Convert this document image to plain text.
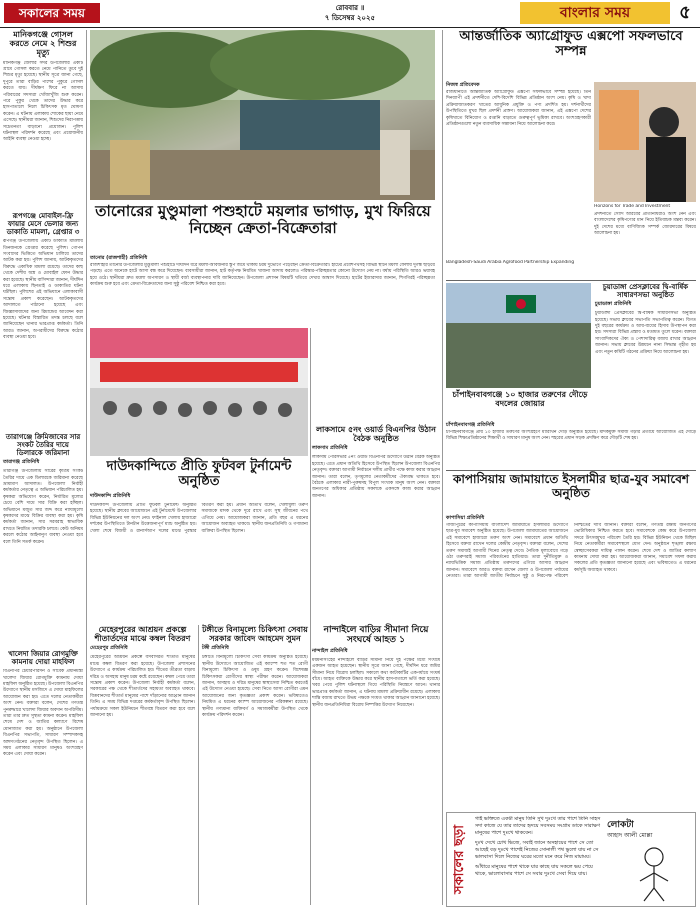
সকালের সময়	রোববার ॥
৭ ডিসেম্বর ২০২৫	বাংলার সময়	৫
মানিকগঞ্জে গোসল করতে নেমে ২ শিশুর মৃত্যু
মানিকগঞ্জ জেলার সদর উপজেলার একটি গ্রামে গোসল করতে নেমে পানিতে ডুবে দুই শিশুর মৃত্যু হয়েছে। স্থানীয় সূত্রে জানা গেছে, দুপুরে তারা বাড়ির পাশের পুকুরে গোসল করতে যায়। দীর্ঘক্ষণ ফিরে না আসায় পরিবারের সদস্যরা খোঁজাখুঁজি শুরু করেন। পরে পুকুর থেকে তাদের উদ্ধার করে হাসপাতালে নিলে চিকিৎসক মৃত ঘোষণা করেন। এ ঘটনায় এলাকায় শোকের ছায়া নেমে এসেছে। স্থানীয়রা জানান, শিশুদের নিরাপত্তায় সচেতনতা বাড়ানো প্রয়োজন। পুলিশ ঘটনাস্থল পরিদর্শন করেছে এবং প্রয়োজনীয় আইনি ব্যবস্থা নেওয়া হচ্ছে।
রূপগঞ্জে মোবাইল-ফ্রি ফায়ার মেসে ভেলার জন্য ডাকাতি মামলা, গ্রেপ্তার ৩
রূপগঞ্জ উপজেলায় একটি ডাকাতি মামলায় তিনজনকে গ্রেপ্তার করেছে পুলিশ। গোপন সংবাদের ভিত্তিতে অভিযান চালিয়ে তাদের আটক করা হয়। পুলিশ জানায়, আটককৃতদের বিরুদ্ধে একাধিক মামলা রয়েছে। তাদের কাছ থেকে দেশীয় অস্ত্র ও মোবাইল ফোন উদ্ধার করা হয়েছে। স্থানীয় বাসিন্দারা জানান, দীর্ঘদিন ধরে এলাকায় ছিনতাই ও ডাকাতির ঘটনা ঘটছিল। পুলিশের এই অভিযানে এলাকাবাসী সন্তোষ প্রকাশ করেছেন। আটককৃতদের আদালতে পাঠানো হয়েছে এবং জিজ্ঞাসাবাদের জন্য রিমান্ডের আবেদন করা হয়েছে। ঘটনার বিস্তারিত তদন্ত চলছে বলে জানিয়েছেন থানার ভারপ্রাপ্ত কর্মকর্তা। তিনি আরও জানান, অপরাধীদের বিরুদ্ধে কঠোর ব্যবস্থা নেওয়া হবে।
তারাগঞ্জে ক্রিমিজাবের সার সংকট তৈরির দায়ে ডিলারকে জরিমানা
তারাগঞ্জ প্রতিনিধি
তারাগঞ্জ উপজেলায় সারের কৃত্রিম সংকট তৈরির দায়ে এক ডিলারকে জরিমানা করেছে ভ্রাম্যমাণ আদালত। উপজেলা নির্বাহী কর্মকর্তার নেতৃত্বে এ অভিযান পরিচালিত হয়। কৃষকরা অভিযোগ করেন, নির্ধারিত মূল্যের চেয়ে বেশি দামে সার বিক্রি করা হচ্ছিল। অভিযানে মজুত সার জব্দ করে ন্যায্যমূল্যে কৃষকদের মাঝে বিক্রির ব্যবস্থা করা হয়। কৃষি কর্মকর্তা জানান, সার সরবরাহ স্বাভাবিক রাখতে নিয়মিত তদারকি চলবে। কেউ অনিয়ম করলে কঠোর আইনানুগ ব্যবস্থা নেওয়া হবে বলে তিনি সতর্ক করেন।
খালেদা জিয়ার রোগমুক্তি কামনায় দোয়া মাহফিল
বিএনপির চেয়ারপারসন ও সাবেক প্রধানমন্ত্রী খালেদা জিয়ার রোগমুক্তি কামনায় দোয়া মাহফিল অনুষ্ঠিত হয়েছে। উপজেলা বিএনপির উদ্যোগে স্থানীয় মসজিদে এ দোয়া মাহফিলের আয়োজন করা হয়। এতে দলের নেতাকর্মীরা অংশ নেন। বক্তারা বলেন, দেশের গণতন্ত্র পুনরুদ্ধারে খালেদা জিয়ার অবদান অপরিসীম। তারা তার দ্রুত সুস্থতা কামনা করেন। মাহফিল শেষে দেশ ও জাতির কল্যাণে বিশেষ মোনাজাত করা হয়। অনুষ্ঠানে উপজেলা বিএনপির সভাপতি, সাধারণ সম্পাদকসহ অঙ্গসংগঠনের নেতৃবৃন্দ উপস্থিত ছিলেন। এ সময় এলাকার সাধারণ মানুষও অংশগ্রহণ করেন এবং দোয়া করেন।
তানোরের মুণ্ডুমালা পশুহাটে ময়লার ভাগাড়, মুখ ফিরিয়ে নিচ্ছেন ক্রেতা-বিক্রেতারা
তানোর (রাজশাহী) প্রতিনিধি
রাজশাহীর তানোর উপজেলার মুণ্ডুমালা পশুহাটে দীর্ঘদিন ধরে ময়লা-আবর্জনার স্তূপ জমে থাকায় চরম দুর্ভোগে পড়েছেন ক্রেতা-বিক্রেতারা। হাটের প্রবেশপথসহ বিভিন্ন স্থানে ময়লা ফেলায় দুর্গন্ধ ছড়িয়ে পড়ছে। এতে অনেকে হাটে আসা বন্ধ করে দিয়েছেন। ব্যবসায়ীরা জানান, হাট কর্তৃপক্ষ নিয়মিত খাজনা আদায় করলেও পরিষ্কার-পরিচ্ছন্নতার কোনো উদ্যোগ নেয় না। বর্ষায় পরিস্থিতি আরও ভয়াবহ হয়ে ওঠে। স্থানীয়রা দ্রুত ময়লা অপসারণ ও স্থায়ী বর্জ্য ব্যবস্থাপনার দাবি জানিয়েছেন। উপজেলা প্রশাসন বিষয়টি খতিয়ে দেখার আশ্বাস দিয়েছে। হাটের ইজারাদার জানান, শিগগিরই পরিচ্ছন্নতা কার্যক্রম শুরু হবে এবং ক্রেতা-বিক্রেতাদের জন্য সুষ্ঠু পরিবেশ নিশ্চিত করা হবে।
লাকসামে ৫নং ওয়ার্ড বিএনপির উঠান বৈঠক অনুষ্ঠিত
লাকসাম প্রতিনিধি
লাকসাম পৌরসভার ৫নং ওয়ার্ড বিএনপির উদ্যোগে উঠান বৈঠক অনুষ্ঠিত হয়েছে। এতে প্রধান অতিথি হিসেবে উপস্থিত ছিলেন উপজেলা বিএনপির নেতৃবৃন্দ। বক্তারা আগামী নির্বাচনে দলীয় প্রার্থীর পক্ষে কাজ করার আহ্বান জানান। তারা বলেন, তৃণমূলের নেতাকর্মীদের ঐক্যবদ্ধ থাকতে হবে। বৈঠকে এলাকার নারী-পুরুষসহ বিপুল সংখ্যক মানুষ অংশ নেন। বক্তারা জনগণের অধিকার প্রতিষ্ঠায় সকলকে একসঙ্গে কাজ করার আহ্বান জানান।
দাউদকান্দিতে প্রীতি ফুটবল টুর্নামেন্ট অনুষ্ঠিত
দাউদকান্দি প্রতিনিধি
দাউদকান্দি উপজেলায় প্রীতি ফুটবল টুর্নামেন্ট অনুষ্ঠিত হয়েছে। স্থানীয় ক্লাবের আয়োজনে এই টুর্নামেন্টে উপজেলার বিভিন্ন ইউনিয়নের দল অংশ নেয়। ফাইনাল খেলায় হাজারো দর্শকের উপস্থিতিতে টানটান উত্তেজনাপূর্ণ ম্যাচ অনুষ্ঠিত হয়। খেলা শেষে বিজয়ী ও রানার্সআপ দলের মাঝে পুরস্কার বিতরণ করা হয়। প্রধান অতিথি বলেন, খেলাধুলা তরুণ সমাজকে মাদক থেকে দূরে রাখে এবং সুস্থ জীবনের পথে এগিয়ে নেয়। আয়োজকরা জানান, প্রতি বছর এ ধরনের আয়োজন অব্যাহত থাকবে। স্থানীয় জনপ্রতিনিধি ও গণ্যমান্য ব্যক্তিরা উপস্থিত ছিলেন।
মেহেরপুরের আশ্রয়ন প্রকল্পে শীতার্তদের মাঝে কম্বল বিতরণ
মেহেরপুর প্রতিনিধি
মেহেরপুরের আশ্রয়ন প্রকল্পে বসবাসরত শীতার্ত মানুষের মাঝে কম্বল বিতরণ করা হয়েছে। উপজেলা প্রশাসনের উদ্যোগে এ কার্যক্রম পরিচালিত হয়। শীতের তীব্রতা বাড়ায় দরিদ্র ও অসহায় মানুষ চরম কষ্টে রয়েছেন। কম্বল পেয়ে তারা সন্তোষ প্রকাশ করেন। উপজেলা নির্বাহী কর্মকর্তা বলেন, সরকারের পক্ষ থেকে শীতার্তদের সহায়তা অব্যাহত থাকবে। বিত্তবানদের শীতার্ত মানুষের পাশে দাঁড়ানোর আহ্বান জানান তিনি। এ সময় বিভিন্ন দপ্তরের কর্মকর্তাবৃন্দ উপস্থিত ছিলেন। পর্যায়ক্রমে সকল ইউনিয়নে শীতবস্ত্র বিতরণ করা হবে বলে জানানো হয়।
টঙ্গীতে বিনামূল্যে চিকিৎসা সেবায় সরকার জাবেদ আহমেদ সুমন
টঙ্গী প্রতিনিধি
টঙ্গীতে বিনামূল্যে চিকিৎসা সেবা কার্যক্রম অনুষ্ঠিত হয়েছে। স্থানীয় উদ্যোগে আয়োজিত এই ক্যাম্পে শত শত রোগী বিনামূল্যে চিকিৎসা ও ওষুধ গ্রহণ করেন। বিশেষজ্ঞ চিকিৎসকরা রোগীদের স্বাস্থ্য পরীক্ষা করেন। আয়োজকরা জানান, অসহায় ও দরিদ্র মানুষের স্বাস্থ্যসেবা নিশ্চিত করতেই এই উদ্যোগ নেওয়া হয়েছে। সেবা নিতে আসা রোগীরা এমন আয়োজনের জন্য কৃতজ্ঞতা প্রকাশ করেন। ভবিষ্যতেও নিয়মিত এ ধরনের ক্যাম্প আয়োজনের পরিকল্পনা রয়েছে। স্থানীয় গণ্যমান্য ব্যক্তিবর্গ ও সমাজকর্মীরা উপস্থিত থেকে কার্যক্রম পরিদর্শন করেন।
আন্তর্জাতিক অ্যাগ্রোফুড এক্সপো সফলভাবে সম্পন্ন
নিজস্ব প্রতিবেদক
রাজধানীতে আন্তর্জাতিক অ্যাগ্রোফুড এক্সপো সফলভাবে সম্পন্ন হয়েছে। তিন দিনব্যাপী এই প্রদর্শনীতে দেশি-বিদেশি বিভিন্ন প্রতিষ্ঠান অংশ নেয়। কৃষি ও খাদ্য প্রক্রিয়াজাতকরণ খাতের আধুনিক প্রযুক্তি ও পণ্য প্রদর্শিত হয়। দর্শনার্থীদের উপস্থিতিতে মুখর ছিল প্রদর্শনী প্রাঙ্গণ। আয়োজকরা জানান, এই এক্সপো দেশের কৃষিখাতে বিনিয়োগ ও রপ্তানি বাড়াতে গুরুত্বপূর্ণ ভূমিকা রাখবে। অংশগ্রহণকারী প্রতিষ্ঠানগুলো নতুন ব্যবসায়িক সম্ভাবনা নিয়ে আলোচনা করে।
Bangladesh-Saudi Arabia Agrofood Partnership Expanding
Horizons for Trade and Investment
প্রদর্শনীতে সৌদি আরবের প্রতিনিধিরাও অংশ নেন এবং বাংলাদেশের কৃষিপণ্যের মান নিয়ে ইতিবাচক মন্তব্য করেন। দুই দেশের মধ্যে বাণিজ্যিক সম্পর্ক জোরদারের বিষয়ে আলোচনা হয়।
চুয়াডাঙ্গা প্রেসক্লাবের দ্বি-বার্ষিক সাধারণসভা অনুষ্ঠিত
চুয়াডাঙ্গা প্রতিনিধি
চুয়াডাঙ্গা প্রেসক্লাবের দ্বি-বার্ষিক সাধারণসভা অনুষ্ঠিত হয়েছে। সভায় ক্লাবের সভাপতি সভাপতিত্ব করেন। বিগত দুই বছরের কার্যক্রম ও আয়-ব্যয়ের হিসাব উপস্থাপন করা হয়। সদস্যরা বিভিন্ন প্রস্তাব ও মতামত তুলে ধরেন। বক্তারা সাংবাদিকদের ঐক্য ও পেশাদারিত্ব বজায় রাখার আহ্বান জানান। সভায় ক্লাবের উন্নয়নে নানা সিদ্ধান্ত গৃহীত হয় এবং নতুন কমিটি গঠনের প্রক্রিয়া নিয়ে আলোচনা হয়।
চাঁপাইনবাবগঞ্জে ১০ হাজার তরুণের দৌড়ে বদলের জোয়ার
চাঁপাইনবাবগঞ্জ প্রতিনিধি
চাঁপাইনবাবগঞ্জে প্রায় ১০ হাজার তরুণের অংশগ্রহণে ম্যারাথন দৌড় অনুষ্ঠিত হয়েছে। মাদকমুক্ত সমাজ গড়ার প্রত্যয়ে আয়োজিত এই দৌড়ে বিভিন্ন শিক্ষাপ্রতিষ্ঠানের শিক্ষার্থী ও সাধারণ মানুষ অংশ নেন। শহরের প্রধান সড়ক প্রদক্ষিণ করে দৌড়টি শেষ হয়।
কাপাসিয়ায় জামায়াতে ইসলামীর ছাত্র-যুব সমাবেশ অনুষ্ঠিত
কাপাসিয়া প্রতিনিধি
গাজীপুরের কাপাসিয়ায় বাংলাদেশ জামায়াতে ইসলামীর উদ্যোগে ছাত্র-যুব সমাবেশ অনুষ্ঠিত হয়েছে। উপজেলা জামায়াতের আয়োজনে এই সমাবেশে হাজারো তরুণ অংশ নেন। সমাবেশে প্রধান অতিথি হিসেবে বক্তব্য রাখেন দলের কেন্দ্রীয় নেতৃবৃন্দ। বক্তারা বলেন, দেশের তরুণ সমাজই আগামী দিনের নেতৃত্ব দেবে। নৈতিক মূল্যবোধে গড়ে ওঠা তরুণরাই সমাজ পরিবর্তনের হাতিয়ার। তারা দুর্নীতিমুক্ত ও ন্যায়ভিত্তিক সমাজ প্রতিষ্ঠায় তরুণদের এগিয়ে আসার আহ্বান জানান। সমাবেশে আরও বক্তব্য রাখেন জেলা ও উপজেলা পর্যায়ের নেতারা। তারা আগামী জাতীয় নির্বাচনে সুষ্ঠু ও নিরপেক্ষ পরিবেশ নিশ্চিতের দাবি জানান। বক্তারা বলেন, গণতন্ত্র রক্ষায় জনগণের ভোটাধিকার নিশ্চিত করতে হবে। সমাবেশকে কেন্দ্র করে উপজেলা সদরে উৎসবমুখর পরিবেশ তৈরি হয়। বিভিন্ন ইউনিয়ন থেকে মিছিল নিয়ে নেতাকর্মীরা সমাবেশস্থলে যোগ দেন। অনুষ্ঠানে শৃঙ্খলা রক্ষায় স্বেচ্ছাসেবকরা দায়িত্ব পালন করেন। শেষে দেশ ও জাতির কল্যাণ কামনায় দোয়া করা হয়। আয়োজকরা জানান, সমাবেশ সফল করায় সকলের প্রতি কৃতজ্ঞতা জানানো হয়েছে এবং ভবিষ্যতেও এ ধরনের কর্মসূচি অব্যাহত থাকবে।
নান্দাইলে বাড়ির সীমানা নিয়ে সংঘর্ষে আহত ১
নান্দাইল প্রতিনিধি
ময়মনসিংহের নান্দাইলে বাড়ির সীমানা নিয়ে দুই পক্ষের মধ্যে সংঘর্ষে একজন আহত হয়েছেন। স্থানীয় সূত্রে জানা গেছে, দীর্ঘদিন ধরে জমির সীমানা নিয়ে বিরোধ চলছিল। সকালে কথা কাটাকাটির একপর্যায়ে সংঘর্ষ বাঁধে। আহত ব্যক্তিকে উদ্ধার করে স্থানীয় হাসপাতালে ভর্তি করা হয়েছে। খবর পেয়ে পুলিশ ঘটনাস্থলে গিয়ে পরিস্থিতি নিয়ন্ত্রণে আনে। থানার ভারপ্রাপ্ত কর্মকর্তা জানান, এ ঘটনায় মামলা প্রক্রিয়াধীন রয়েছে। এলাকায় শান্তি বজায় রাখতে উভয় পক্ষকে সংযত থাকার আহ্বান জানানো হয়েছে। স্থানীয় জনপ্রতিনিধিরা বিরোধ নিষ্পত্তির উদ্যোগ নিয়েছেন।
সকালের ছড়া
গাই ভক্তিতে একটা মানুষ তিনি সুখ দুঃখে তার পাশে তিনি সাহস সদা কাজে যে তার তাদের হৃদয়ে সবসময় সংগ্রাম ডাকে সারাক্ষণ মানুষের পাশে দুঃখে থাকবেন।
দুঃখ দেখে চোখ ভিজে, সবাই জানে অসহায়ের পাশে সে তো আছেই বড় দুঃখে পাশেই নিজের সোনালী পথ ভুলো যায় না সে ভালবাসা দিলে নিজের ঘরের মতো মনে করে নিজ মায়াময়।
আঁধারে মানুষের পাশে থাকে যার কাছে যায় সকলে ভয় পেয়ে থাকে, ভালোবাসার পাশে সে সবার দুঃখে সেবা দিয়ে যায়।
লোকটা
আহাদ আলী মোল্লা
